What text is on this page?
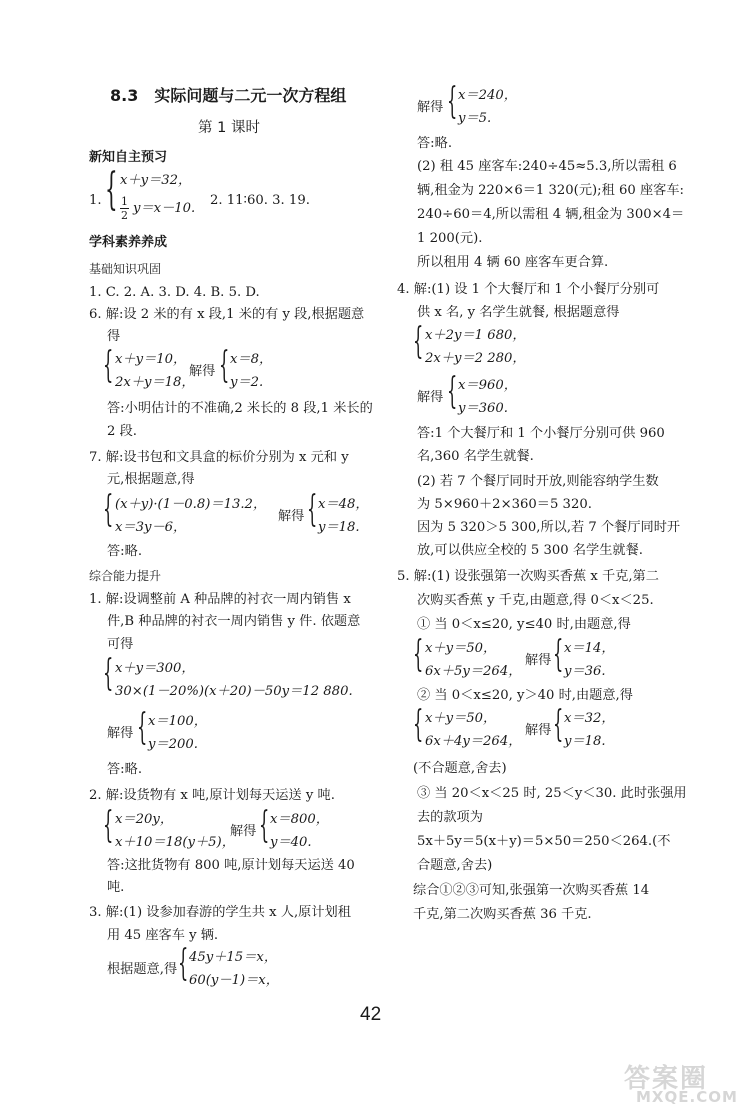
8.3　实际问题与二元一次方程组
第 1 课时
新知自主预习
1. { x＋y＝32，
1
2 y＝x－10.
2. 11∶60. 3. 19.
学科素养养成
基础知识巩固
1. C. 2. A. 3. D. 4. B. 5. D.
6. 解:设 2 米的有 x 段,1 米的有 y 段,根据题意
得
{ x＋y＝10，
2x＋y＝18，
解得 { x＝8，
y＝2.
答:小明估计的不准确,2 米长的 8 段,1 米长的
2 段.
7. 解:设书包和文具盒的标价分别为 x 元和 y
元,根据题意,得
{ (x＋y)·(1－0.8)＝13.2，
x＝3y－6，
解得 { x＝48，
y＝18.
答:略.
综合能力提升
1. 解:设调整前 A 种品牌的衬衣一周内销售 x
件,B 种品牌的衬衣一周内销售 y 件. 依题意
可得
{ x＋y＝300，
30×(1－20%)(x＋20)－50y＝12 880.
解得 { x＝100，
y＝200.
答:略.
2. 解:设货物有 x 吨,原计划每天运送 y 吨.
{ x＝20y，
x＋10＝18(y＋5)，
解得 { x＝800，
y＝40.
答:这批货物有 800 吨,原计划每天运送 40
吨.
3. 解:(1) 设参加春游的学生共 x 人,原计划租
用 45 座客车 y 辆.
根据题意,得 { 45y＋15＝x，
60(y－1)＝x，
解得 { x＝240，
y＝5.
答:略.
(2) 租 45 座客车:240÷45≈5.3,所以需租 6
辆,租金为 220×6＝1 320(元);租 60 座客车:
240÷60＝4,所以需租 4 辆,租金为 300×4＝
1 200(元).
所以租用 4 辆 60 座客车更合算.
4. 解:(1) 设 1 个大餐厅和 1 个小餐厅分别可
供 x 名, y 名学生就餐, 根据题意得
{ x＋2y＝1 680，
2x＋y＝2 280，
解得 { x＝960，
y＝360.
答:1 个大餐厅和 1 个小餐厅分别可供 960
名,360 名学生就餐.
(2) 若 7 个餐厅同时开放,则能容纳学生数
为 5×960＋2×360＝5 320.
因为 5 320＞5 300,所以,若 7 个餐厅同时开
放,可以供应全校的 5 300 名学生就餐.
5. 解:(1) 设张强第一次购买香蕉 x 千克,第二
次购买香蕉 y 千克,由题意,得 0＜x＜25.
① 当 0＜x≤20, y≤40 时,由题意,得
{ x＋y＝50，
6x＋5y＝264，
解得 { x＝14，
y＝36.
② 当 0＜x≤20, y＞40 时,由题意,得
{ x＋y＝50，
6x＋4y＝264，
解得 { x＝32，
y＝18.
(不合题意,舍去)
③ 当 20＜x＜25 时, 25＜y＜30. 此时张强用
去的款项为
5x＋5y＝5(x＋y)＝5×50＝250＜264.(不
合题意,舍去)
综合①②③可知,张强第一次购买香蕉 14
千克,第二次购买香蕉 36 千克.
42
答案圈
MXQE.COM
